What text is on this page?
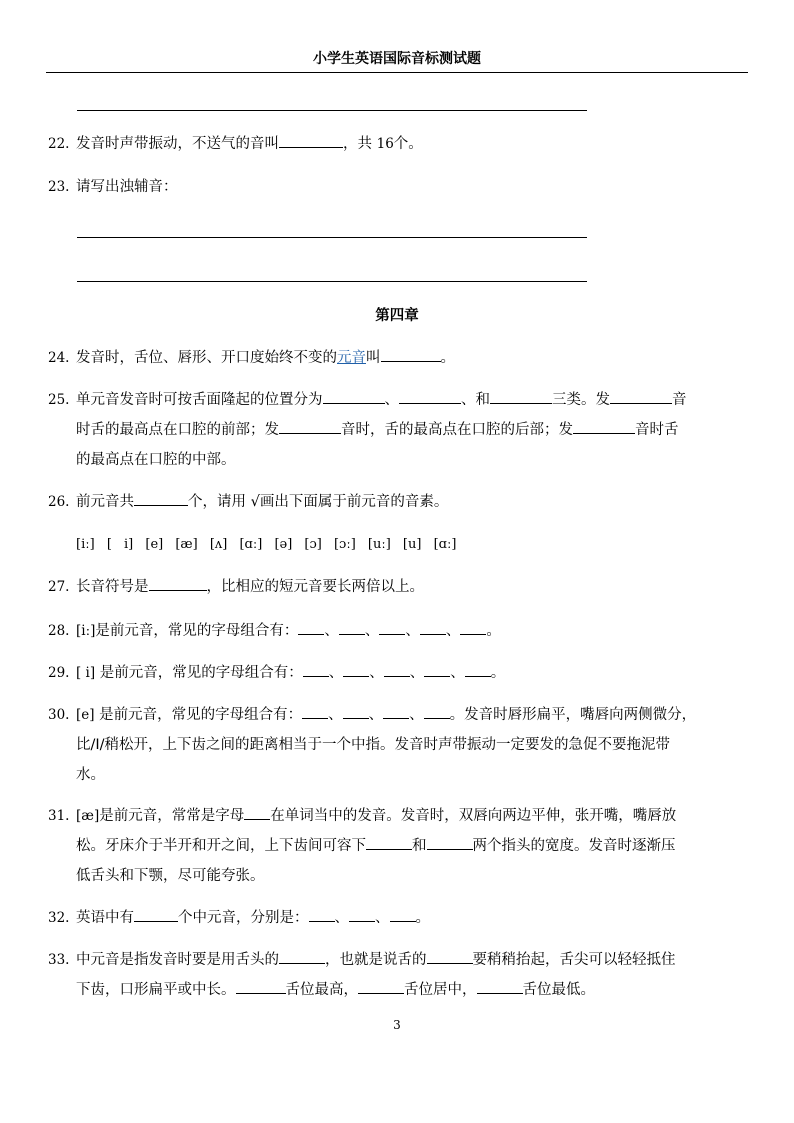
小学生英语国际音标测试题
22. 发音时声带振动，不送气的音叫	，共 16个。
23. 请写出浊辅音：
第四章
24. 发音时，舌位、唇形、开口度始终不变的元音叫	。
25. 单元音发音时可按舌面隆起的位置分为	、	、和	三类。发	音
时舌的最高点在口腔的前部；发	音时，舌的最高点在口腔的后部；发	音时舌
的最高点在口腔的中部。
26. 前元音共	个，请用 √画出下面属于前元音的音素。
[iː] [ i] [e] [æ] [ʌ] [ɑː] [ə] [ɔ] [ɔː] [uː] [u] [ɑː]
27. 长音符号是	，比相应的短元音要长两倍以上。
28. [iː]是前元音，常见的字母组合有： 、 、 、 、 。
29. [ i] 是前元音，常见的字母组合有： 、 、 、 、 。
30. [e] 是前元音，常见的字母组合有： 、 、 、 。发音时唇形扁平，嘴唇向两侧微分，
比/I/稍松开，上下齿之间的距离相当于一个中指。发音时声带振动一定要发的急促不要拖泥带
水。
31. [æ]是前元音，常常是字母 在单词当中的发音。发音时，双唇向两边平伸，张开嘴，嘴唇放
松。牙床介于半开和开之间，上下齿间可容下	和	两个指头的宽度。发音时逐渐压
低舌头和下颚，尽可能夸张。
32. 英语中有	个中元音，分别是： 、 、 。
33. 中元音是指发音时要是用舌头的	，也就是说舌的	要稍稍抬起，舌尖可以轻轻抵住
下齿，口形扁平或中长。	舌位最高，	舌位居中，	舌位最低。
3
